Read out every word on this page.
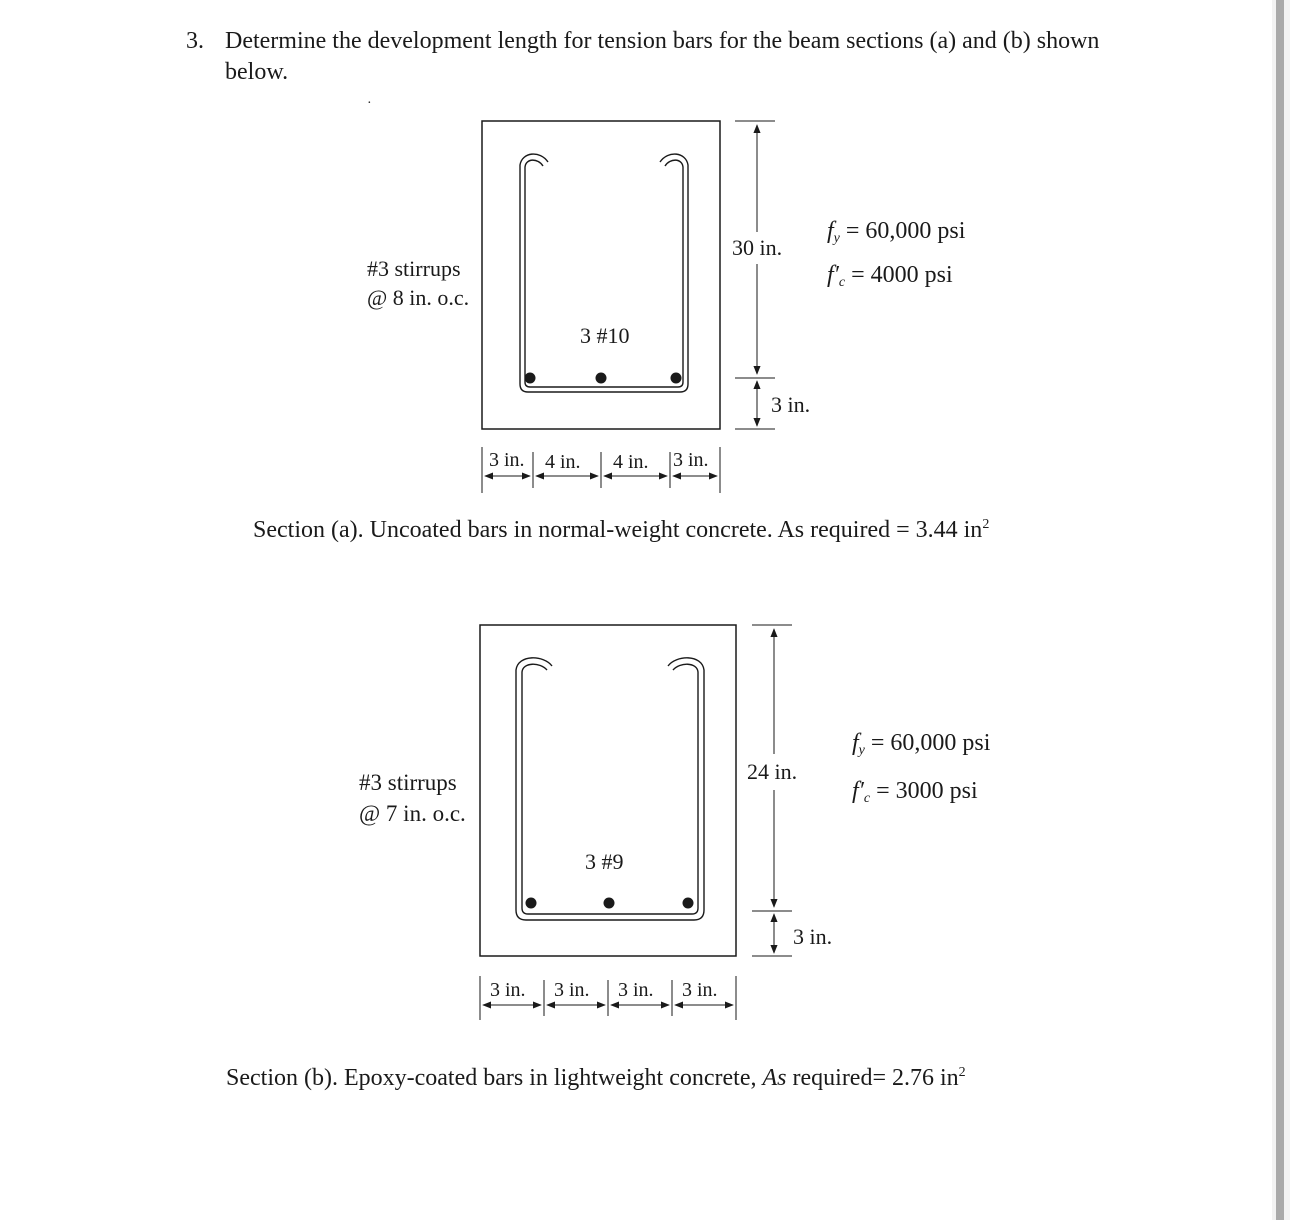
3. Determine the development length for tension bars for the beam sections (a) and (b) shown below.
·
#3 stirrups
@ 8 in. o.c.
3 #10
30 in.
3 in.
$f_y = 60,000$ psi
$f'_c = 4000$ psi
3 in. 4 in. 4 in. 3 in.
Section (a). Uncoated bars in normal-weight concrete. As required = 3.44 $in^2$
#3 stirrups
@ 7 in. o.c.
3 #9
24 in.
3 in.
$f_y = 60,000$ psi
$f'_c = 3000$ psi
3 in. 3 in. 3 in. 3 in.
Section (b). Epoxy-coated bars in lightweight concrete, As required= 2.76 $in^2$
